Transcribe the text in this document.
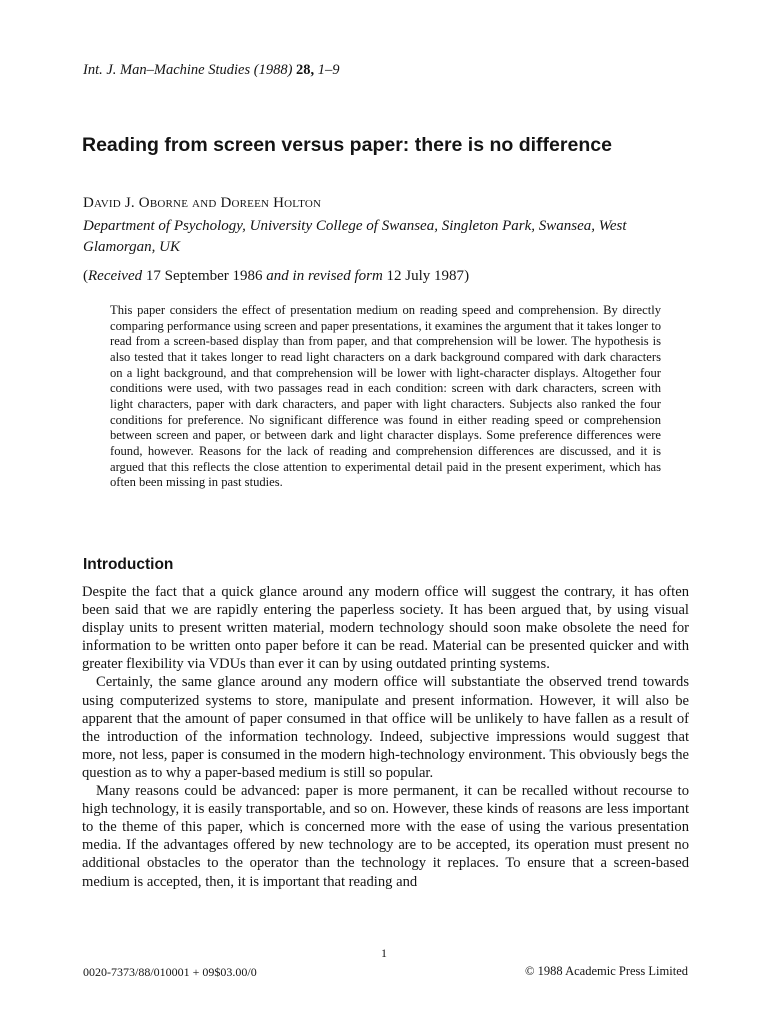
Int. J. Man–Machine Studies (1988) 28, 1–9
Reading from screen versus paper: there is no difference
David J. Oborne and Doreen Holton
Department of Psychology, University College of Swansea, Singleton Park, Swansea, West Glamorgan, UK
(Received 17 September 1986 and in revised form 12 July 1987)

This paper considers the effect of presentation medium on reading speed and comprehension. By directly comparing performance using screen and paper presentations, it examines the argument that it takes longer to read from a screen-based display than from paper, and that comprehension will be lower. The hypothesis is also tested that it takes longer to read light characters on a dark background compared with dark characters on a light background, and that comprehension will be lower with light-character displays. Altogether four conditions were used, with two passages read in each condition: screen with dark characters, screen with light characters, paper with dark characters, and paper with light characters. Subjects also ranked the four conditions for preference. No significant difference was found in either reading speed or comprehension between screen and paper, or between dark and light character displays. Some preference differences were found, however. Reasons for the lack of reading and comprehension differences are discussed, and it is argued that this reflects the close attention to experimental detail paid in the present experiment, which has often been missing in past studies.

Introduction

Despite the fact that a quick glance around any modern office will suggest the contrary, it has often been said that we are rapidly entering the paperless society. It has been argued that, by using visual display units to present written material, modern technology should soon make obsolete the need for information to be written onto paper before it can be read. Material can be presented quicker and with greater flexibility via VDUs than ever it can by using outdated printing systems.

Certainly, the same glance around any modern office will substantiate the observed trend towards using computerized systems to store, manipulate and present information. However, it will also be apparent that the amount of paper consumed in that office will be unlikely to have fallen as a result of the introduction of the information technology. Indeed, subjective impressions would suggest that more, not less, paper is consumed in the modern high-technology environment. This obviously begs the question as to why a paper-based medium is still so popular.

Many reasons could be advanced: paper is more permanent, it can be recalled without recourse to high technology, it is easily transportable, and so on. However, these kinds of reasons are less important to the theme of this paper, which is concerned more with the ease of using the various presentation media. If the advantages offered by new technology are to be accepted, its operation must present no additional obstacles to the operator than the technology it replaces. To ensure that a screen-based medium is accepted, then, it is important that reading and

1
0020-7373/88/010001 + 09$03.00/0	© 1988 Academic Press Limited
